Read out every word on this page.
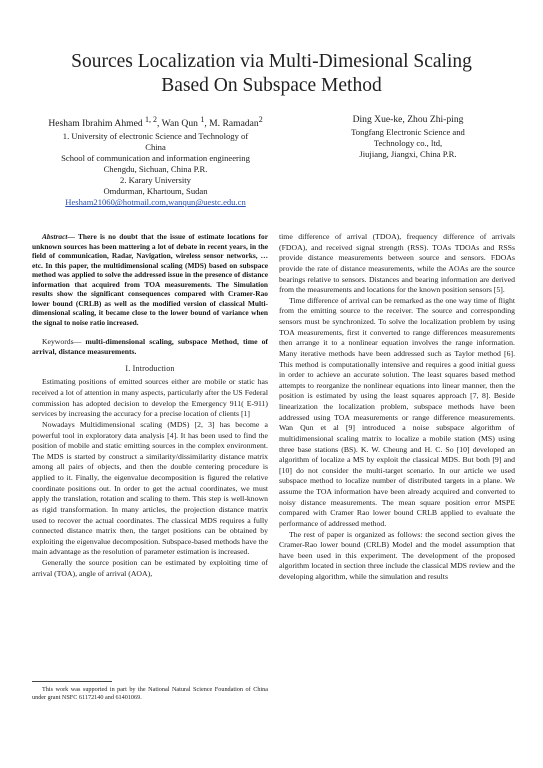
Sources Localization via Multi-Dimesional Scaling
Based On Subspace Method
Hesham Ibrahim Ahmed $^{1, 2}$, Wan Qun $^1$, M. Ramadan$^2$
1. University of electronic Science and Technology of
China
School of communication and information engineering
Chengdu, Sichuan, China P.R.
2. Karary University
Omdurman, Khartoum, Sudan
Hesham21060@hotmail.com,wanqun@uestc.edu.cn
Ding Xue-ke, Zhou Zhi-ping
Tongfang Electronic Science and
Technology co., ltd,
Jiujiang, Jiangxi, China P.R.
Abstract— There is no doubt that the issue of estimate locations for unknown sources has been mattering a lot of debate in recent years, in the field of communication, Radar, Navigation, wireless sensor networks, …etc. In this paper, the multidimensional scaling (MDS) based on subspace method was applied to solve the addressed issue in the presence of distance information that acquired from TOA measurements. The Simulation results show the significant consequences compared with Cramer-Rao lower bound (CRLB) as well as the modified version of classical Multi-dimensional scaling, it became close to the lower bound of variance when the signal to noise ratio increased.
Keywords— multi-dimensional scaling, subspace Method, time of arrival, distance measurements.
I. Introduction

Estimating positions of emitted sources either are mobile or static has received a lot of attention in many aspects, particularly after the US Federal commission has adopted decision to develop the Emergency 911( E-911) services by increasing the accuracy for a precise location of clients [1]

Nowadays Multidimensional scaling (MDS) [2, 3] has become a powerful tool in exploratory data analysis [4]. It has been used to find the position of mobile and static emitting sources in the complex environment. The MDS is started by construct a similarity/dissimilarity distance matrix among all pairs of objects, and then the double centering procedure is applied to it. Finally, the eigenvalue decomposition is figured the relative coordinate positions out. In order to get the actual coordinates, we must apply the translation, rotation and scaling to them. This step is well-known as rigid transformation. In many articles, the projection distance matrix used to recover the actual coordinates. The classical MDS requires a fully connected distance matrix then, the target positions can be obtained by exploiting the eigenvalue decomposition. Subspace-based methods have the main advantage as the resolution of parameter estimation is increased.

Generally the source position can be estimated by exploiting time of arrival (TOA), angle of arrival (AOA),

time difference of arrival (TDOA), frequency difference of arrivals (FDOA), and received signal strength (RSS). TOAs TDOAs and RSSs provide distance measurements between source and sensors. FDOAs provide the rate of distance measurements, while the AOAs are the source bearings relative to sensors. Distances and bearing information are derived from the measurements and locations for the known position sensors [5].

Time difference of arrival can be remarked as the one way time of flight from the emitting source to the receiver. The source and corresponding sensors must be synchronized. To solve the localization problem by using TOA measurements, first it converted to range differences measurements then arrange it to a nonlinear equation involves the range information. Many iterative methods have been addressed such as Taylor method [6]. This method is computationally intensive and requires a good initial guess in order to achieve an accurate solution. The least squares based method attempts to reorganize the nonlinear equations into linear manner, then the position is estimated by using the least squares approach [7, 8]. Beside linearization the localization problem, subspace methods have been addressed using TOA measurements or range difference measurements. Wan Qun et al [9] introduced a noise subspace algorithm of multidimensional scaling matrix to localize a mobile station (MS) using three base stations (BS). K. W. Cheung and H. C. So [10] developed an algorithm of localize a MS by exploit the classical MDS. But both [9] and [10] do not consider the multi-target scenario. In our article we used subspace method to localize number of distributed targets in a plane. We assume the TOA information have been already acquired and converted to noisy distance measurements. The mean square position error MSPE compared with Cramer Rao lower bound CRLB applied to evaluate the performance of addressed method.

The rest of paper is organized as follows: the second section gives the Cramer-Rao lower bound (CRLB) Model and the model assumption that have been used in this experiment. The development of the proposed algorithm located in section three include the classical MDS review and the developing algorithm, while the simulation and results

This work was supported in part by the National Natural Science Foundation of China under grant NSFC 61172140 and 61401069.
